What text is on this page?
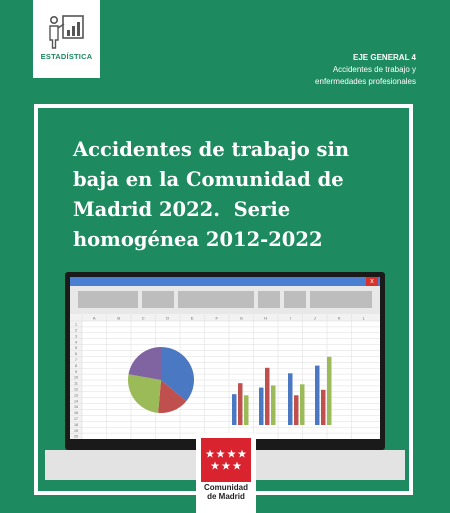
ESTADÍSTICA	EJE GENERAL 4
Accidentes de trabajo y
enfermedades profesionales
Accidentes de trabajo sin
baja en la Comunidad de
Madrid 2022.  Serie
homogénea 2012-2022
x
A	B	C	D	E	F	G	H	I	J	K	L
1
2
3
4
5
6
7
8
9
10
11
12
13
14
15
16
17
18
19
20
Comunidad
de Madrid
